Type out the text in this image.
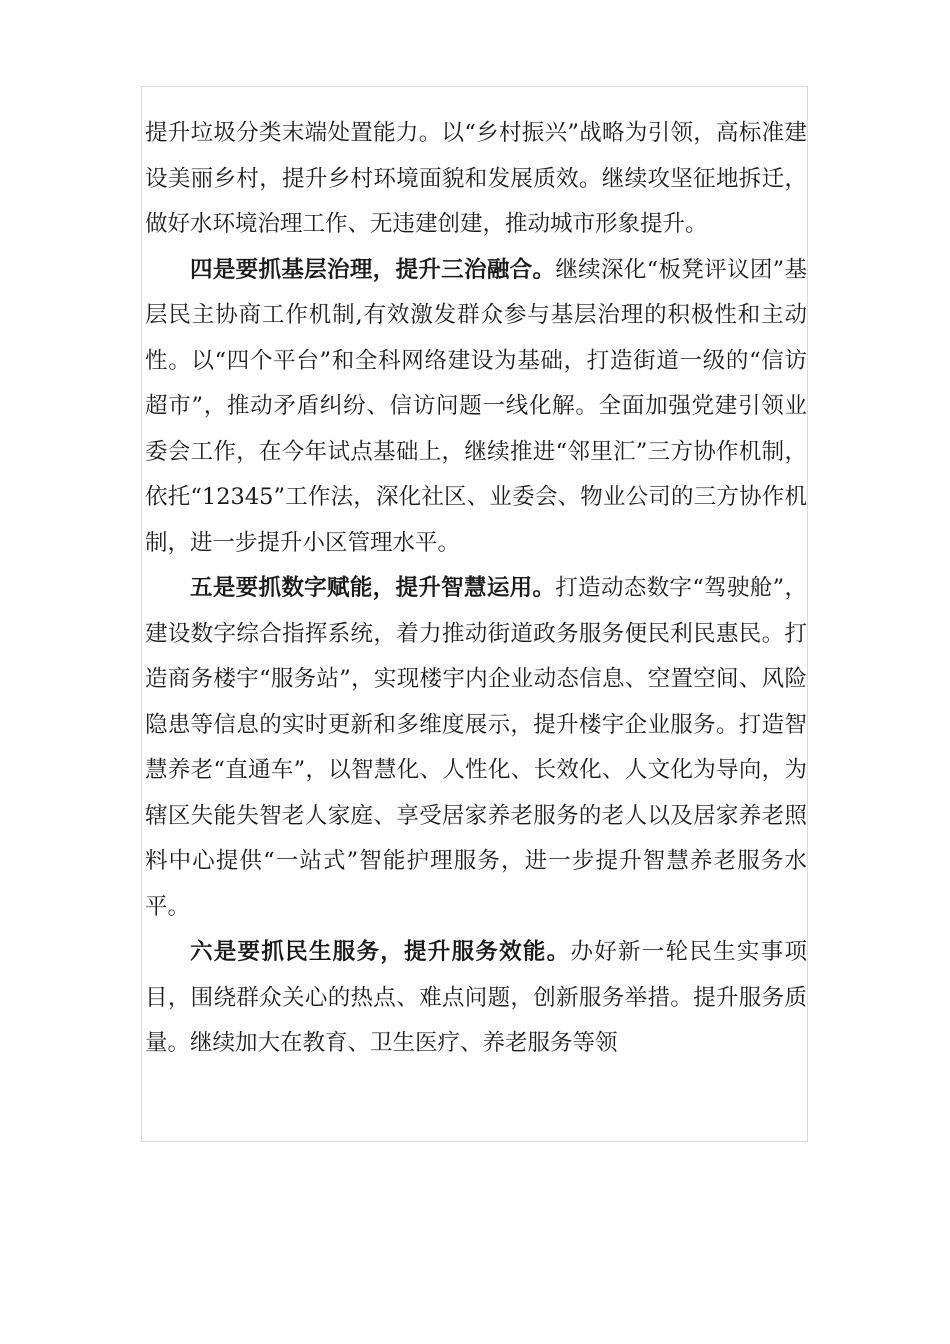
提升垃圾分类末端处置能力。以“乡村振兴”战略为引领，高标准建设美丽乡村，提升乡村环境面貌和发展质效。继续攻坚征地拆迁，做好水环境治理工作、无违建创建，推动城市形象提升。

四是要抓基层治理，提升三治融合。继续深化“板凳评议团”基层民主协商工作机制,有效激发群众参与基层治理的积极性和主动性。以“四个平台”和全科网络建设为基础，打造街道一级的“信访超市”，推动矛盾纠纷、信访问题一线化解。全面加强党建引领业委会工作，在今年试点基础上，继续推进“邻里汇”三方协作机制，依托“12345”工作法，深化社区、业委会、物业公司的三方协作机制，进一步提升小区管理水平。

五是要抓数字赋能，提升智慧运用。打造动态数字“驾驶舱”，建设数字综合指挥系统，着力推动街道政务服务便民利民惠民。打造商务楼宇“服务站”，实现楼宇内企业动态信息、空置空间、风险隐患等信息的实时更新和多维度展示，提升楼宇企业服务。打造智慧养老“直通车”，以智慧化、人性化、长效化、人文化为导向，为辖区失能失智老人家庭、享受居家养老服务的老人以及居家养老照料中心提供“一站式”智能护理服务，进一步提升智慧养老服务水平。

六是要抓民生服务，提升服务效能。办好新一轮民生实事项目，围绕群众关心的热点、难点问题，创新服务举措。提升服务质量。继续加大在教育、卫生医疗、养老服务等领
